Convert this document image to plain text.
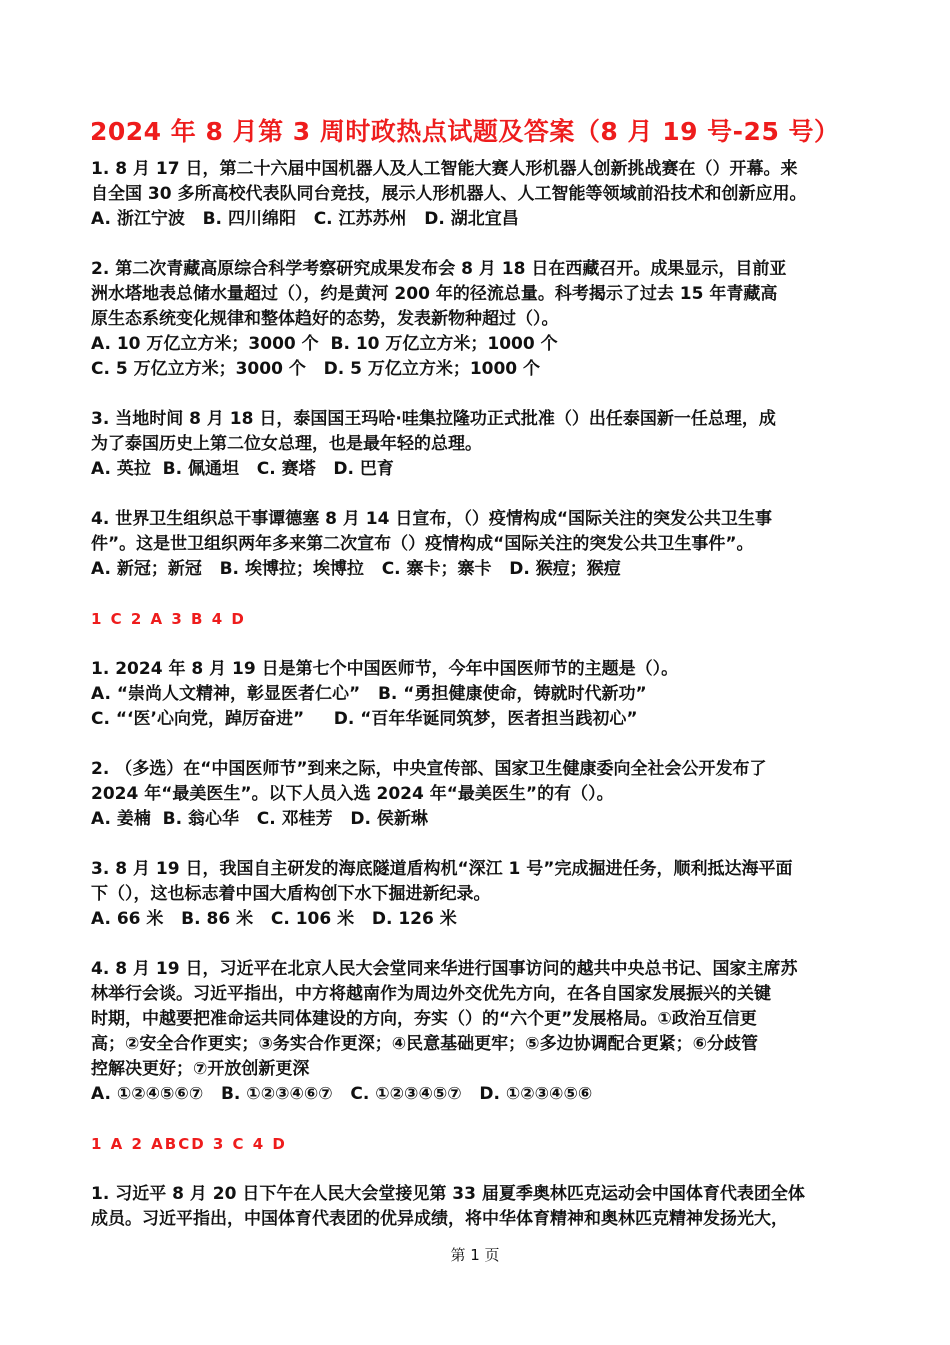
2024 年 8 月第 3 周时政热点试题及答案（8 月 19 号-25 号）

1. 8 月 17 日，第二十六届中国机器人及人工智能大赛人形机器人创新挑战赛在（）开幕。来

自全国 30 多所高校代表队同台竞技，展示人形机器人、人工智能等领域前沿技术和创新应用。

A. 浙江宁波   B. 四川绵阳   C. 江苏苏州   D. 湖北宜昌

2. 第二次青藏高原综合科学考察研究成果发布会 8 月 18 日在西藏召开。成果显示，目前亚

洲水塔地表总储水量超过（），约是黄河 200 年的径流总量。科考揭示了过去 15 年青藏高

原生态系统变化规律和整体趋好的态势，发表新物种超过（）。

A. 10 万亿立方米；3000 个  B. 10 万亿立方米；1000 个

C. 5 万亿立方米；3000 个   D. 5 万亿立方米；1000 个

3. 当地时间 8 月 18 日，泰国国王玛哈·哇集拉隆功正式批准（）出任泰国新一任总理，成

为了泰国历史上第二位女总理，也是最年轻的总理。

A. 英拉  B. 佩通坦   C. 赛塔   D. 巴育

4. 世界卫生组织总干事谭德塞 8 月 14 日宣布，（）疫情构成“国际关注的突发公共卫生事

件”。这是世卫组织两年多来第二次宣布（）疫情构成“国际关注的突发公共卫生事件”。

A. 新冠；新冠   B. 埃博拉；埃博拉   C. 寨卡；寨卡   D. 猴痘；猴痘

1 C 2 A 3 B 4 D

1. 2024 年 8 月 19 日是第七个中国医师节，今年中国医师节的主题是（）。

A. “崇尚人文精神，彰显医者仁心”   B. “勇担健康使命，铸就时代新功”

C. “‘医’心向党，踔厉奋进”     D. “百年华诞同筑梦，医者担当践初心”

2. （多选）在“中国医师节”到来之际，中央宣传部、国家卫生健康委向全社会公开发布了

2024 年“最美医生”。以下人员入选 2024 年“最美医生”的有（）。

A. 姜楠  B. 翁心华   C. 邓桂芳   D. 侯新琳

3. 8 月 19 日，我国自主研发的海底隧道盾构机“深江 1 号”完成掘进任务，顺利抵达海平面

下（），这也标志着中国大盾构创下水下掘进新纪录。

A. 66 米   B. 86 米   C. 106 米   D. 126 米

4. 8 月 19 日，习近平在北京人民大会堂同来华进行国事访问的越共中央总书记、国家主席苏

林举行会谈。习近平指出，中方将越南作为周边外交优先方向，在各自国家发展振兴的关键

时期，中越要把准命运共同体建设的方向，夯实（）的“六个更”发展格局。①政治互信更

高；②安全合作更实；③务实合作更深；④民意基础更牢；⑤多边协调配合更紧；⑥分歧管

控解决更好；⑦开放创新更深

A. ①②④⑤⑥⑦   B. ①②③④⑥⑦   C. ①②③④⑤⑦   D. ①②③④⑤⑥

1 A 2 ABCD 3 C 4 D

1. 习近平 8 月 20 日下午在人民大会堂接见第 33 届夏季奥林匹克运动会中国体育代表团全体

成员。习近平指出，中国体育代表团的优异成绩，将中华体育精神和奥林匹克精神发扬光大，

第 1 页
